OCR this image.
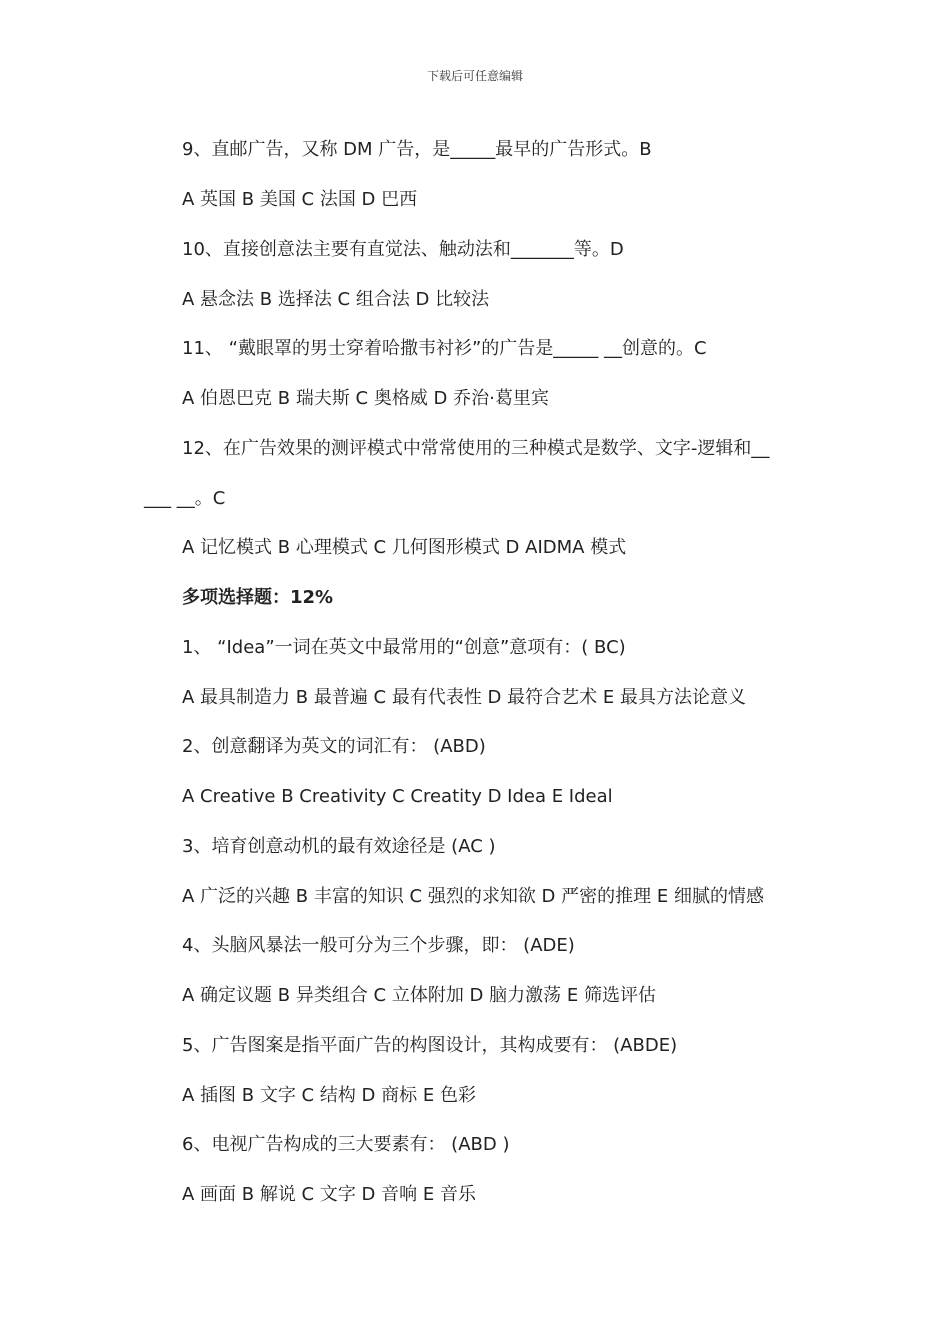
下载后可任意编辑
9、直邮广告，又称 DM 广告，是_____最早的广告形式。B
A 英国 B 美国 C 法国 D 巴西
10、直接创意法主要有直觉法、触动法和_______等。D
A 悬念法 B 选择法 C 组合法 D 比较法
11、 “戴眼罩的男士穿着哈撒韦衬衫”的广告是_____ __创意的。C
A 伯恩巴克 B 瑞夫斯 C 奥格威 D 乔治·葛里宾
12、在广告效果的测评模式中常常使用的三种模式是数学、文字-逻辑和__
___ __。C
A 记忆模式 B 心理模式 C 几何图形模式 D AIDMA 模式
多项选择题：12%
1、 “Idea”一词在英文中最常用的“创意”意项有：( BC)
A 最具制造力 B 最普遍 C 最有代表性 D 最符合艺术 E 最具方法论意义
2、创意翻译为英文的词汇有： (ABD)
A Creative B Creativity C Creatity D Idea E Ideal
3、培育创意动机的最有效途径是 (AC )
A 广泛的兴趣 B 丰富的知识 C 强烈的求知欲 D 严密的推理 E 细腻的情感
4、头脑风暴法一般可分为三个步骤，即： (ADE)
A 确定议题 B 异类组合 C 立体附加 D 脑力激荡 E 筛选评估
5、广告图案是指平面广告的构图设计，其构成要有： (ABDE)
A 插图 B 文字 C 结构 D 商标 E 色彩
6、电视广告构成的三大要素有： (ABD )
A 画面 B 解说 C 文字 D 音响 E 音乐
